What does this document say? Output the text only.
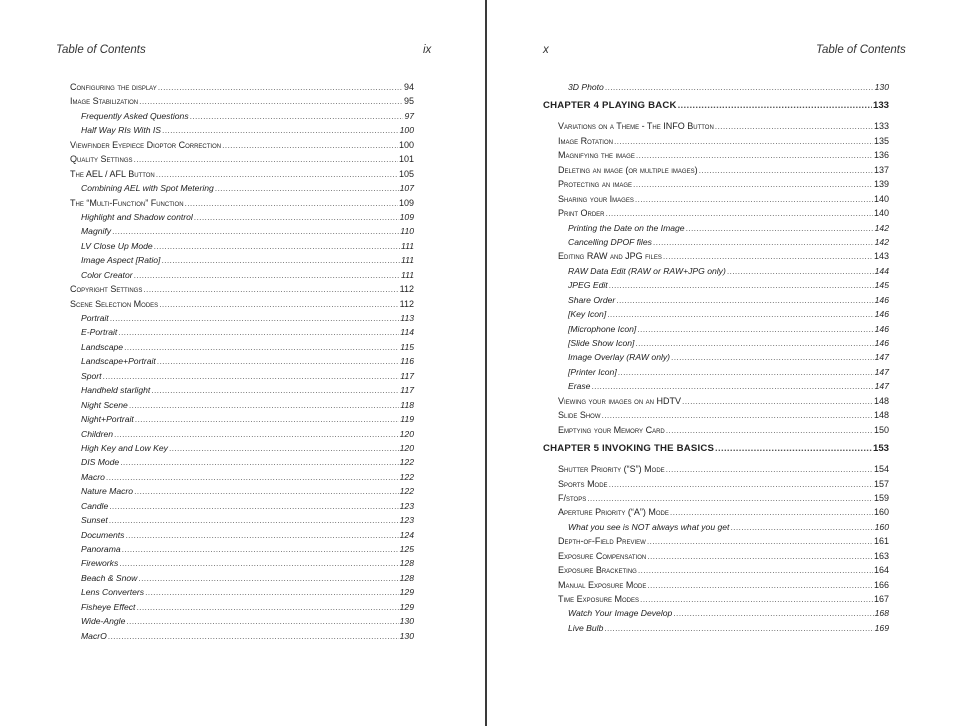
Table of Contents	ix
Configuring the display .....	94
Image Stabilization .....	95
Frequently Asked Questions .....	97
Half Way RIs With IS .....	100
Viewfinder Eyepiece Dioptor Correction .....	100
Quality Settings .....	101
The AEL / AFL Button .....	105
Combining AEL with Spot Metering .....	107
The “Multi-Function” Function .....	109
Highlight and Shadow control .....	109
Magnify .....	110
LV Close Up Mode .....	111
Image Aspect [Ratio] .....	111
Color Creator .....	111
Copyright Settings .....	112
Scene Selection Modes .....	112
Portrait .....	113
E-Portrait .....	114
Landscape .....	115
Landscape+Portrait .....	116
Sport .....	117
Handheld starlight .....	117
Night Scene .....	118
Night+Portrait .....	119
Children .....	120
High Key and Low Key .....	120
DIS Mode .....	122
Macro .....	122
Nature Macro .....	122
Candle .....	123
Sunset .....	123
Documents .....	124
Panorama .....	125
Fireworks .....	128
Beach & Snow .....	128
Lens Converters .....	129
Fisheye Effect .....	129
Wide-Angle .....	130
MacrO .....	130
x	Table of Contents
3D Photo .....	130
CHAPTER 4 PLAYING BACK .....	133
Variations on a Theme - The INFO Button .....	133
Image Rotation .....	135
Magnifying the image .....	136
Deleting an image (or multiple images) .....	137
Protecting an image .....	139
Sharing your Images .....	140
Print Order .....	140
Printing the Date on the Image .....	142
Cancelling DPOF files .....	142
Editing RAW and JPG files .....	143
RAW Data Edit (RAW or RAW+JPG only) .....	144
JPEG Edit .....	145
Share Order .....	146
[Key Icon] .....	146
[Microphone Icon] .....	146
[Slide Show Icon] .....	146
Image Overlay (RAW only) .....	147
[Printer Icon] .....	147
Erase .....	147
Viewing your images on an HDTV .....	148
Slide Show .....	148
Emptying your Memory Card .....	150
CHAPTER 5 INVOKING THE BASICS .....	153
Shutter Priority (“S”) Mode .....	154
Sports Mode .....	157
F/stops .....	159
Aperture Priority (“A”) Mode .....	160
What you see is NOT always what you get .....	160
Depth-of-Field Preview .....	161
Exposure Compensation .....	163
Exposure Bracketing .....	164
Manual Exposure Mode .....	166
Time Exposure Modes .....	167
Watch Your Image Develop .....	168
Live Bulb .....	169
